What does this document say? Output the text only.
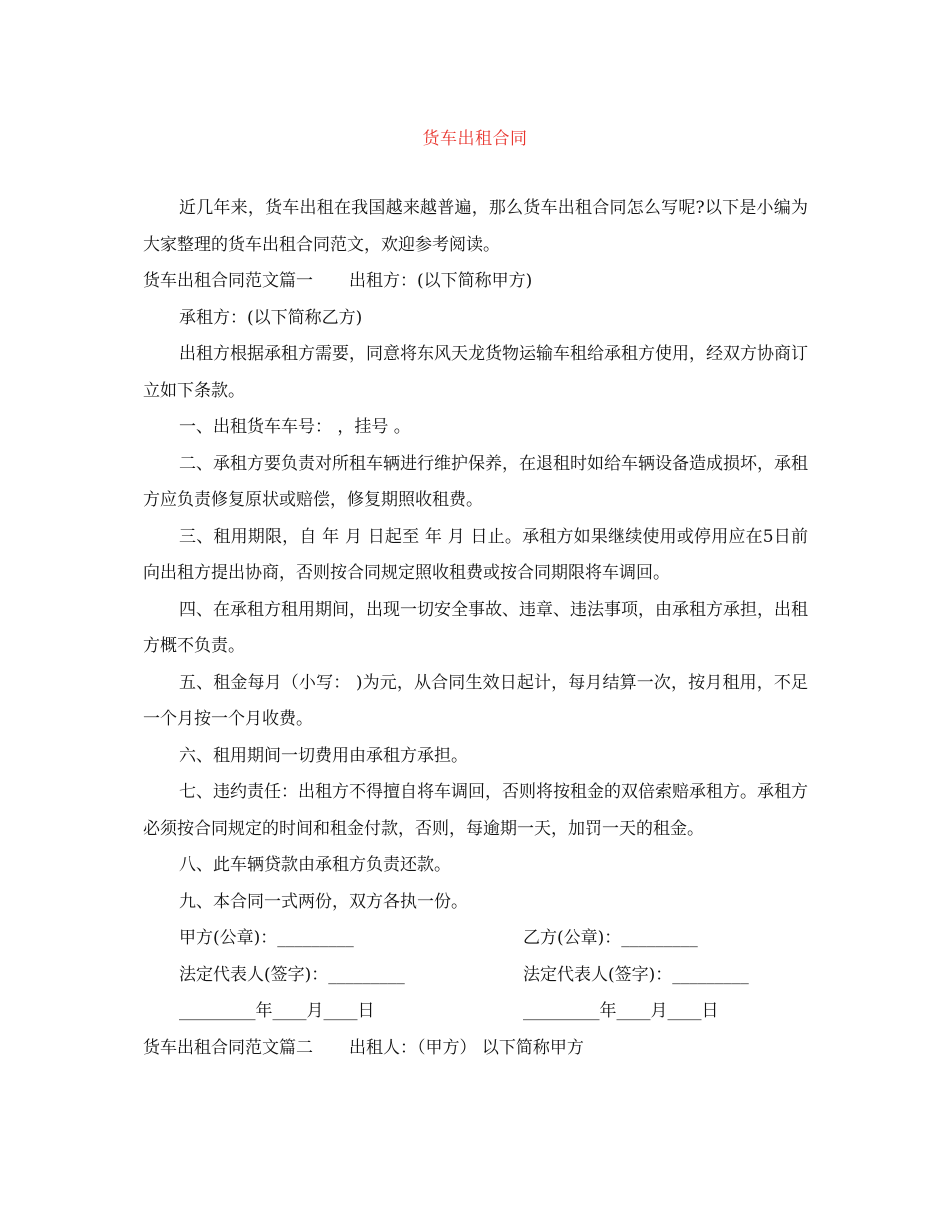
货车出租合同

近几年来，货车出租在我国越来越普遍，那么货车出租合同怎么写呢?以下是小编为大家整理的货车出租合同范文，欢迎参考阅读。

货车出租合同范文篇一 出租方：(以下简称甲方)

承租方：(以下简称乙方)

出租方根据承租方需要，同意将东风天龙货物运输车租给承租方使用，经双方协商订立如下条款。

一、出租货车车号： ，挂号 。

二、承租方要负责对所租车辆进行维护保养，在退租时如给车辆设备造成损坏，承租方应负责修复原状或赔偿，修复期照收租费。

三、租用期限，自 年 月 日起至 年 月 日止。承租方如果继续使用或停用应在5日前向出租方提出协商，否则按合同规定照收租费或按合同期限将车调回。

四、在承租方租用期间，出现一切安全事故、违章、违法事项，由承租方承担，出租方概不负责。

五、租金每月（小写： )为元，从合同生效日起计，每月结算一次，按月租用，不足一个月按一个月收费。

六、租用期间一切费用由承租方承担。

七、违约责任：出租方不得擅自将车调回，否则将按租金的双倍索赔承租方。承租方必须按合同规定的时间和租金付款，否则，每逾期一天，加罚一天的租金。

八、此车辆贷款由承租方负责还款。

九、本合同一式两份，双方各执一份。

甲方(公章)：_________	乙方(公章)：_________
法定代表人(签字)：_________	法定代表人(签字)：_________
_________年____月____日	_________年____月____日

货车出租合同范文篇二 出租人：（甲方） 以下简称甲方
